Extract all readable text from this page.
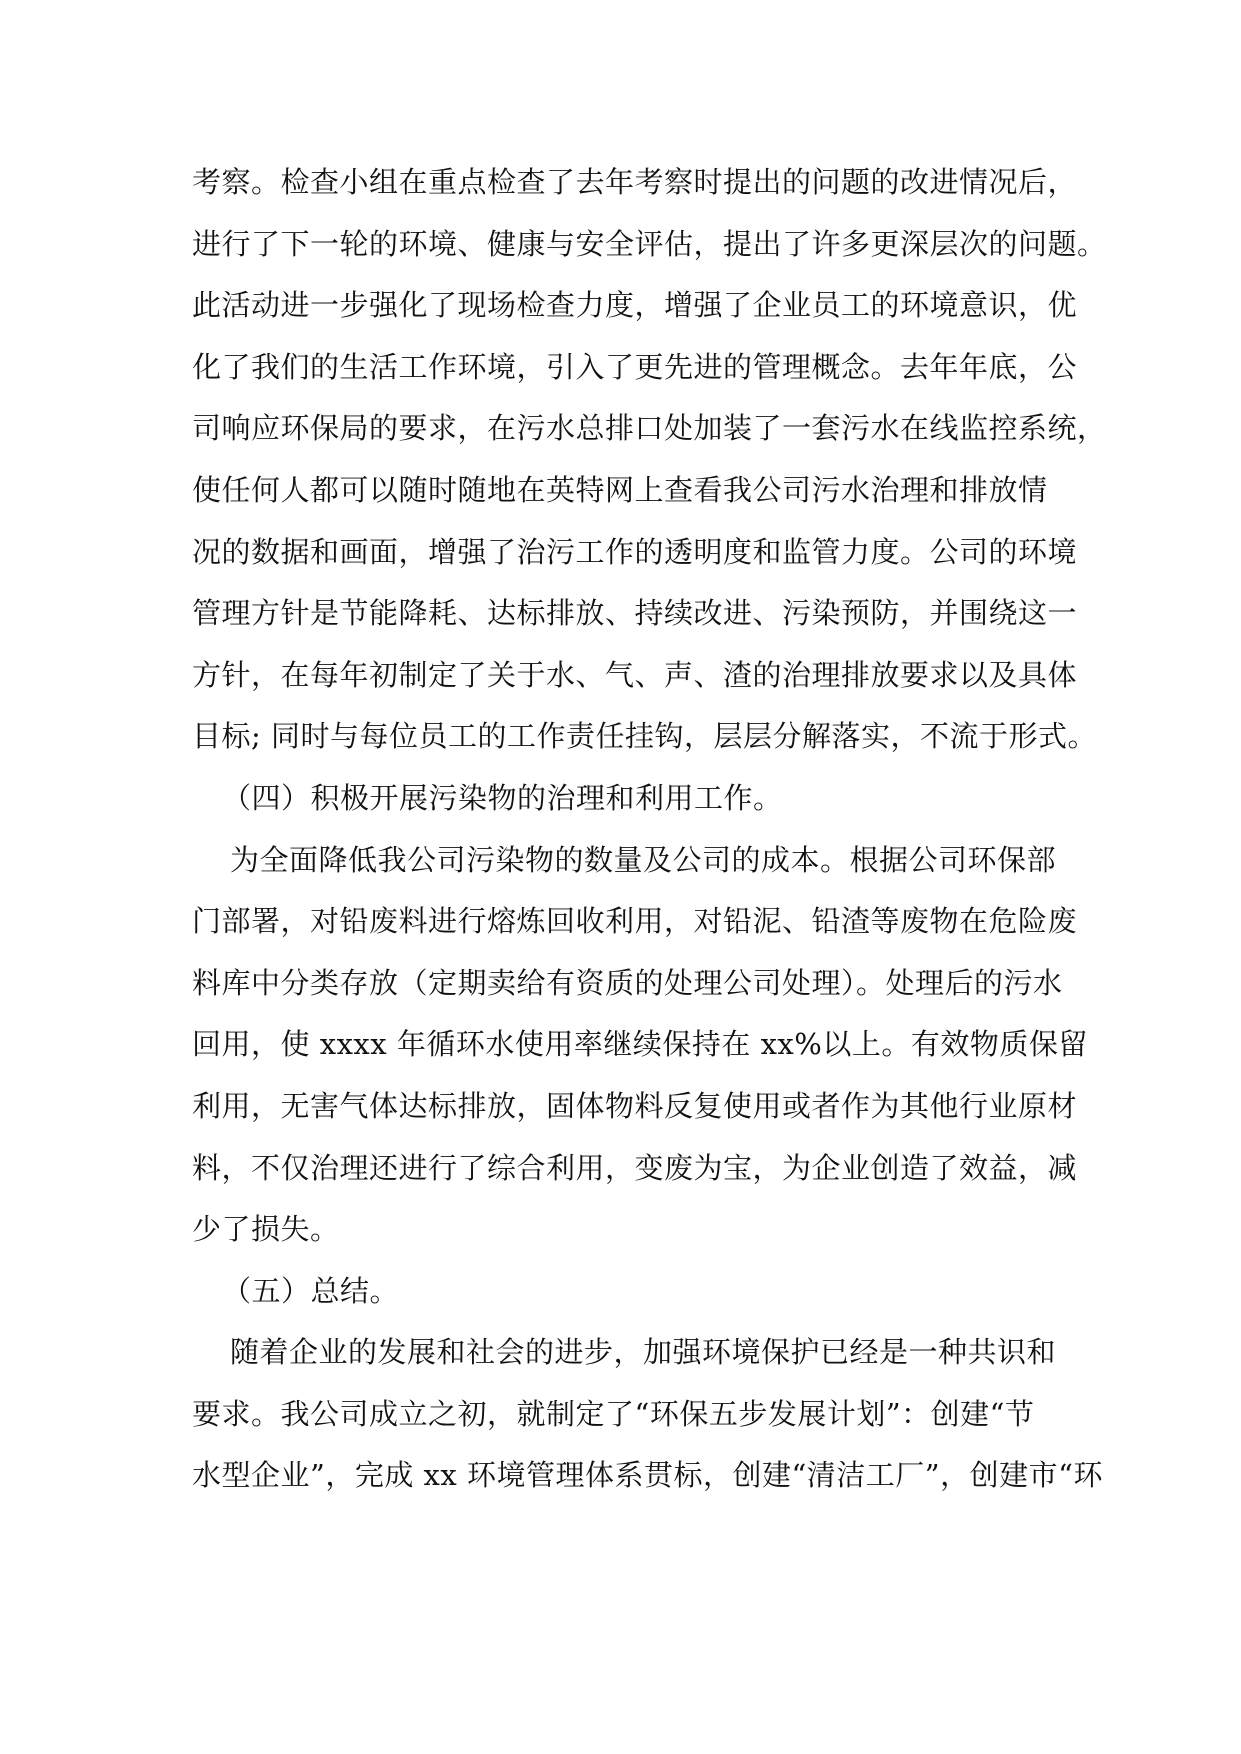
考察。检查小组在重点检查了去年考察时提出的问题的改进情况后，
进行了下一轮的环境、健康与安全评估，提出了许多更深层次的问题。
此活动进一步强化了现场检查力度，增强了企业员工的环境意识，优
化了我们的生活工作环境，引入了更先进的管理概念。去年年底，公
司响应环保局的要求，在污水总排口处加装了一套污水在线监控系统，
使任何人都可以随时随地在英特网上查看我公司污水治理和排放情
况的数据和画面，增强了治污工作的透明度和监管力度。公司的环境
管理方针是节能降耗、达标排放、持续改进、污染预防，并围绕这一
方针，在每年初制定了关于水、气、声、渣的治理排放要求以及具体
目标; 同时与每位员工的工作责任挂钩，层层分解落实，不流于形式。
（四）积极开展污染物的治理和利用工作。
为全面降低我公司污染物的数量及公司的成本。根据公司环保部
门部署，对铅废料进行熔炼回收利用，对铅泥、铅渣等废物在危险废
料库中分类存放（定期卖给有资质的处理公司处理）。处理后的污水
回用，使 xxxx 年循环水使用率继续保持在 xx%以上。有效物质保留
利用，无害气体达标排放，固体物料反复使用或者作为其他行业原材
料，不仅治理还进行了综合利用，变废为宝，为企业创造了效益，减
少了损失。
（五）总结。
随着企业的发展和社会的进步，加强环境保护已经是一种共识和
要求。我公司成立之初，就制定了“环保五步发展计划”：创建“节
水型企业”，完成 xx 环境管理体系贯标，创建“清洁工厂”，创建市“环
